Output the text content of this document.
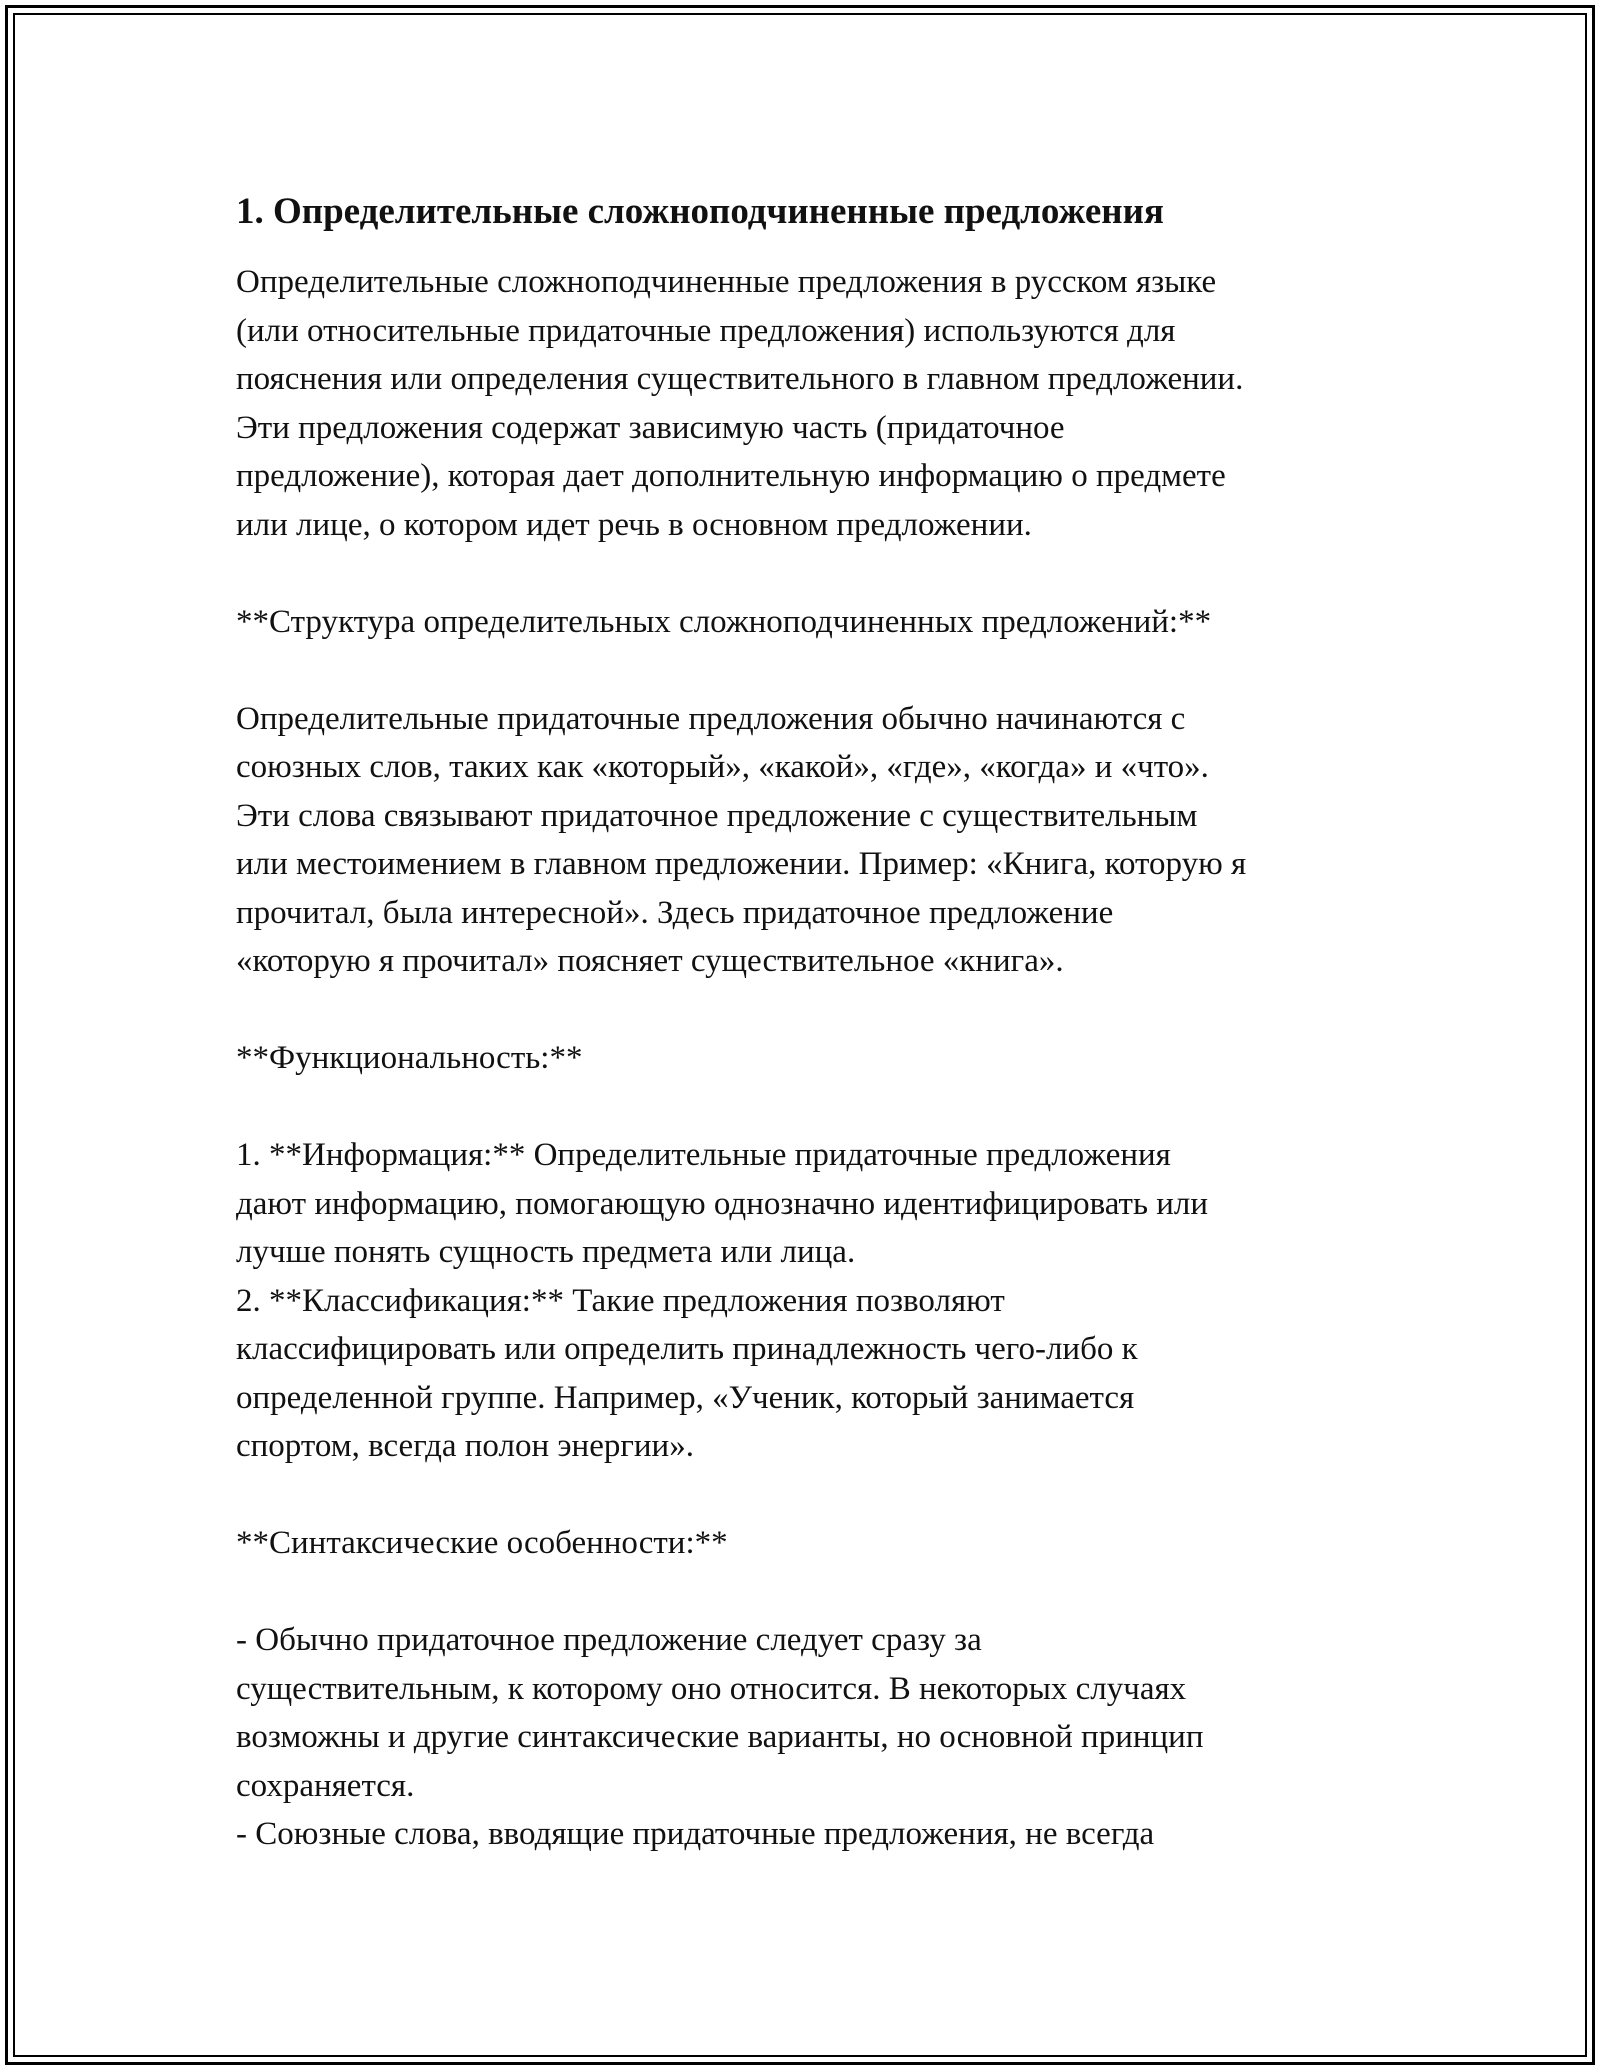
1. Определительные сложноподчиненные предложения

Определительные сложноподчиненные предложения в русском языке
(или относительные придаточные предложения) используются для
пояснения или определения существительного в главном предложении.
Эти предложения содержат зависимую часть (придаточное
предложение), которая дает дополнительную информацию о предмете
или лице, о котором идет речь в основном предложении.

**Структура определительных сложноподчиненных предложений:**

Определительные придаточные предложения обычно начинаются с
союзных слов, таких как «который», «какой», «где», «когда» и «что».
Эти слова связывают придаточное предложение с существительным
или местоимением в главном предложении. Пример: «Книга, которую я
прочитал, была интересной». Здесь придаточное предложение
«которую я прочитал» поясняет существительное «книга».

**Функциональность:**

1. **Информация:** Определительные придаточные предложения
дают информацию, помогающую однозначно идентифицировать или
лучше понять сущность предмета или лица.

2. **Классификация:** Такие предложения позволяют
классифицировать или определить принадлежность чего-либо к
определенной группе. Например, «Ученик, который занимается
спортом, всегда полон энергии».

**Синтаксические особенности:**

- Обычно придаточное предложение следует сразу за
существительным, к которому оно относится. В некоторых случаях
возможны и другие синтаксические варианты, но основной принцип
сохраняется.

- Союзные слова, вводящие придаточные предложения, не всегда
